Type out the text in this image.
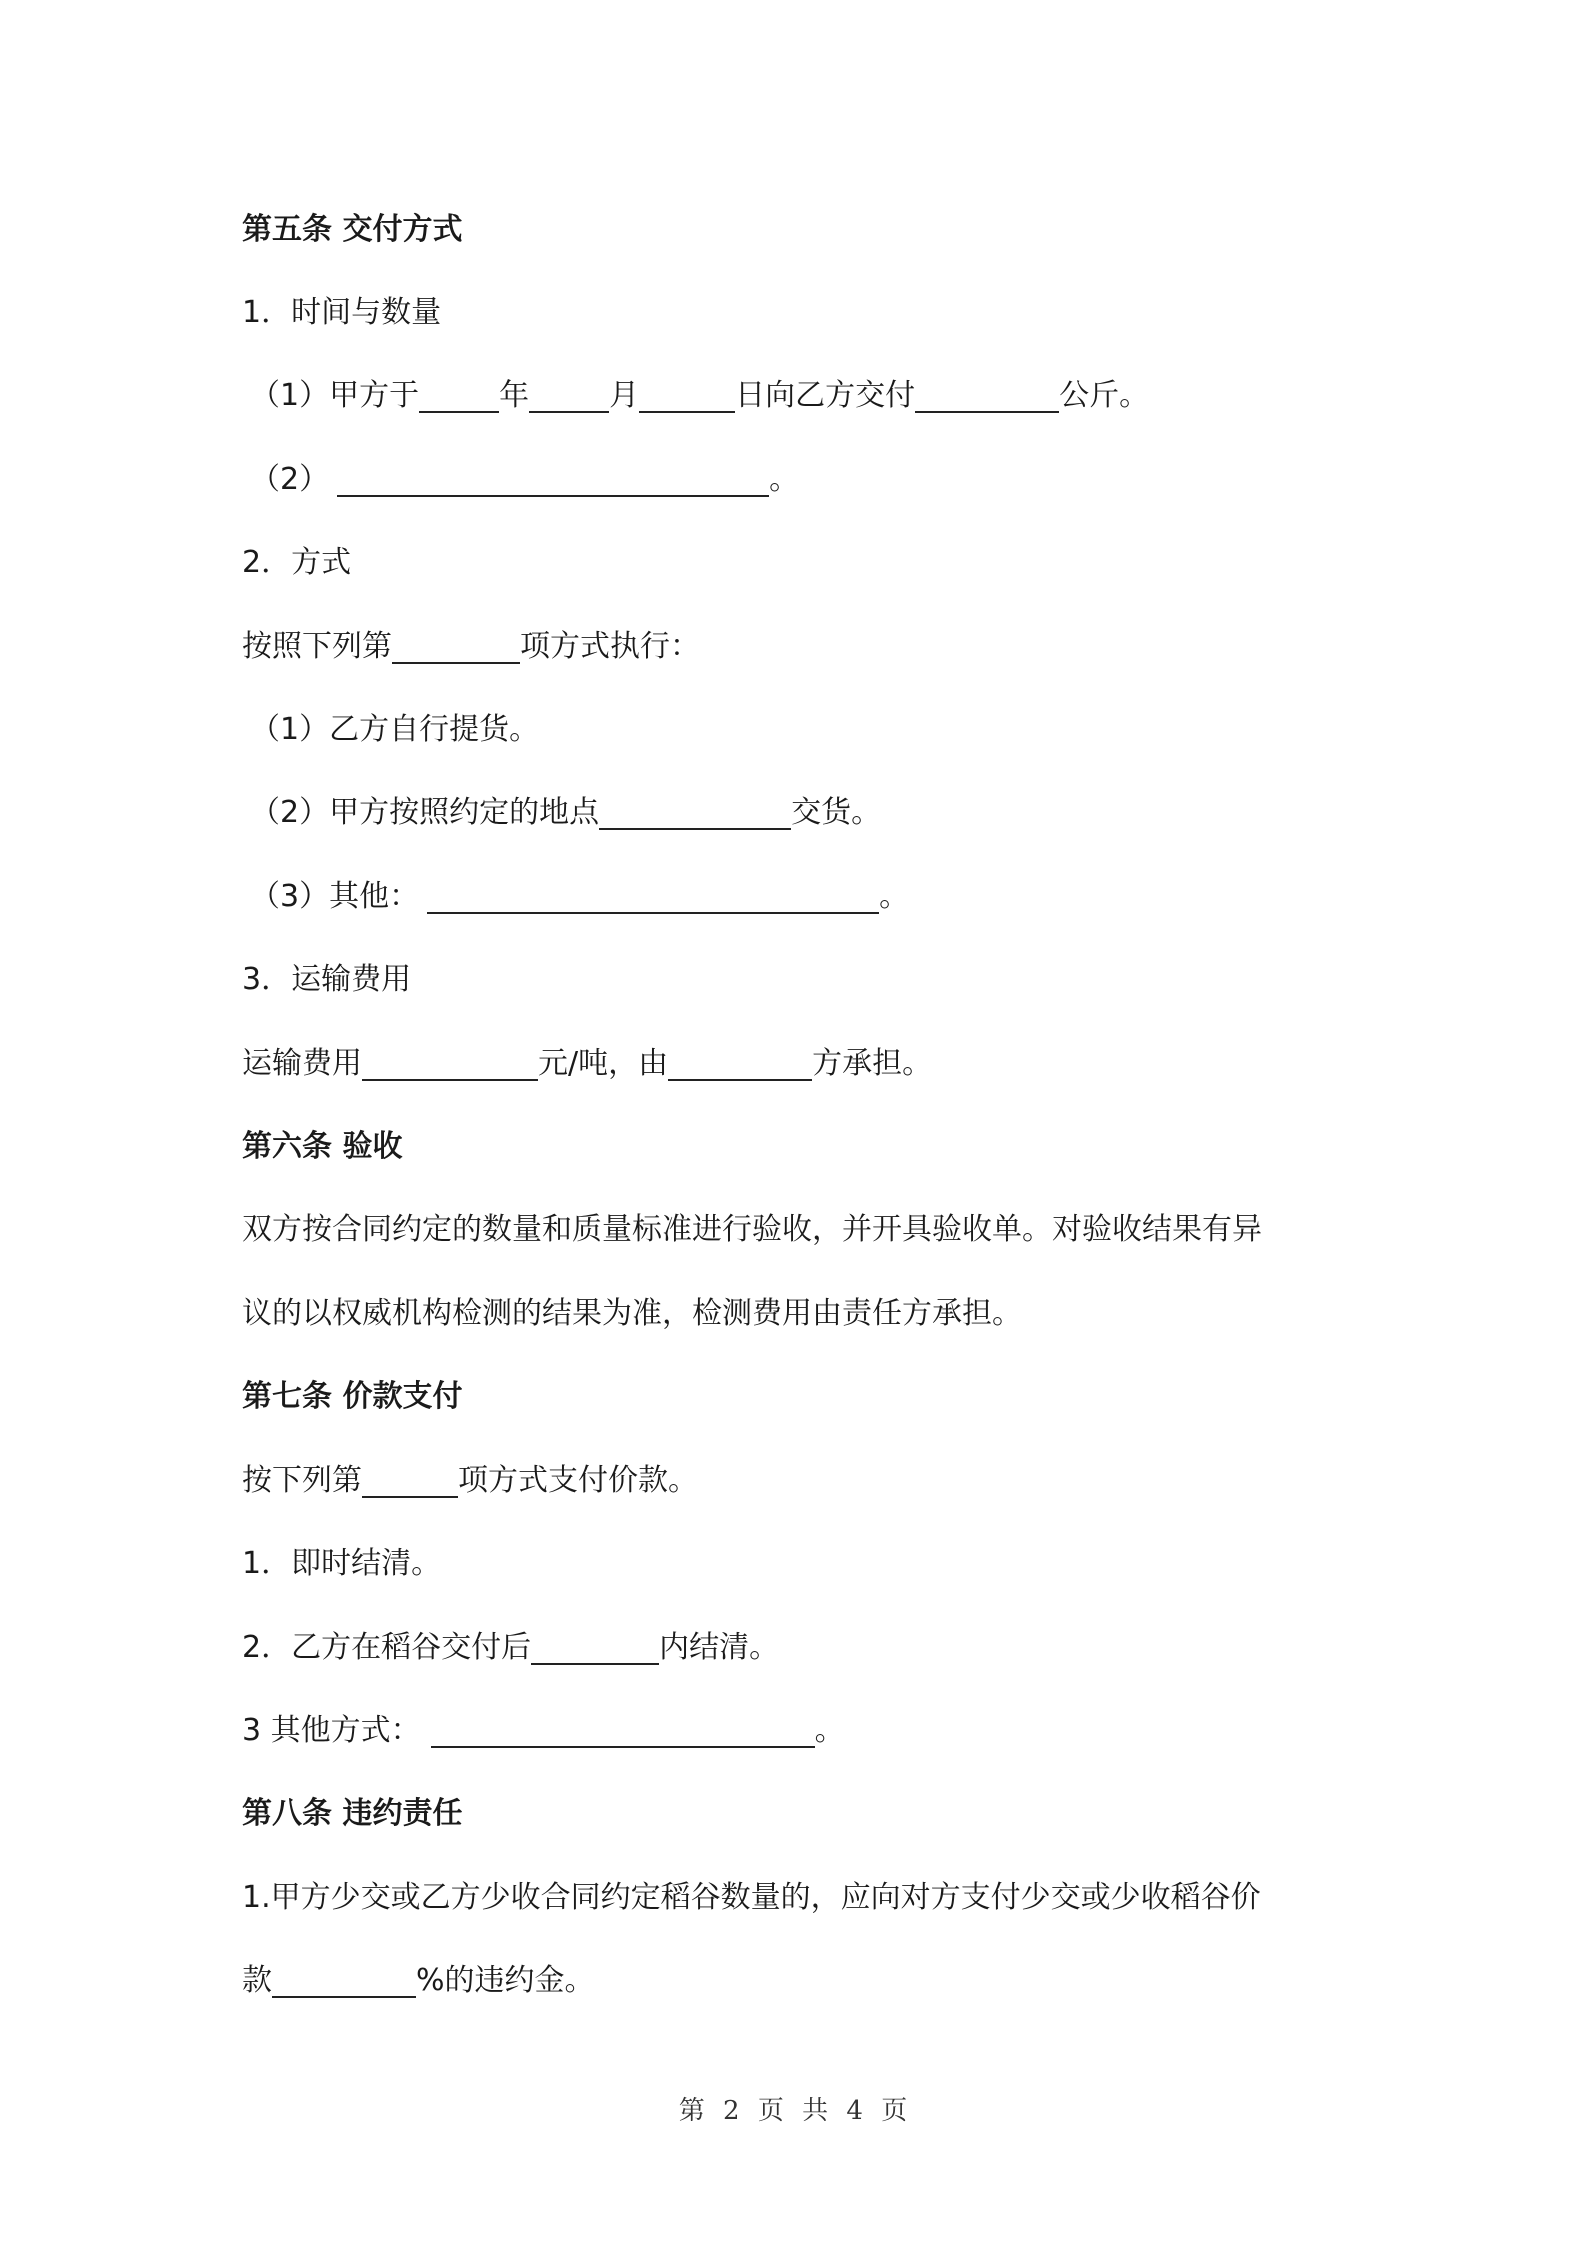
第五条 交付方式
1．时间与数量
（1）甲方于	年	月	日向乙方交付	公斤。
（2）	。
2．方式
按照下列第	项方式执行：
（1）乙方自行提货。
（2）甲方按照约定的地点	交货。
（3）其他：	。
3．运输费用
运输费用	元/吨，由	方承担。
第六条 验收
双方按合同约定的数量和质量标准进行验收，并开具验收单。对验收结果有异
议的以权威机构检测的结果为准，检测费用由责任方承担。
第七条 价款支付
按下列第	项方式支付价款。
1．即时结清。
2．乙方在稻谷交付后	内结清。
3 其他方式：	。
第八条 违约责任
1.甲方少交或乙方少收合同约定稻谷数量的，应向对方支付少交或少收稻谷价
款	%的违约金。
第 2 页 共 4 页
